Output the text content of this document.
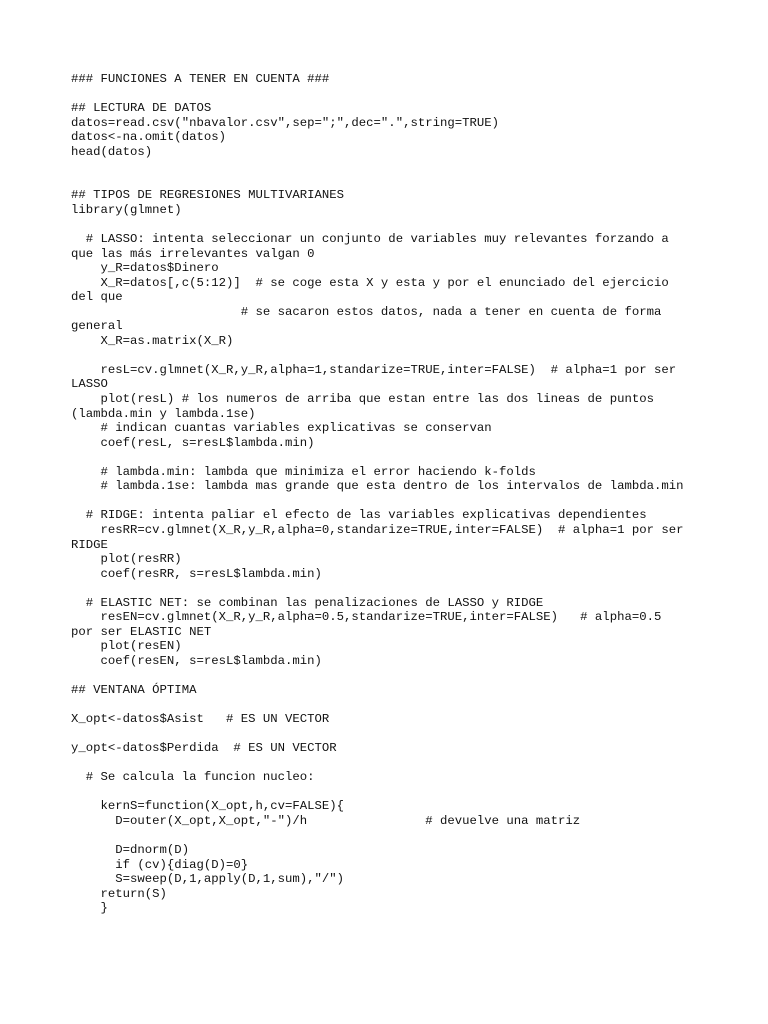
### FUNCIONES A TENER EN CUENTA ###
## LECTURA DE DATOS
datos=read.csv("nbavalor.csv",sep=";",dec=".",string=TRUE)
datos<-na.omit(datos)
head(datos)
## TIPOS DE REGRESIONES MULTIVARIANES
library(glmnet)
# LASSO: intenta seleccionar un conjunto de variables muy relevantes forzando a
que las más irrelevantes valgan 0
y_R=datos$Dinero
X_R=datos[,c(5:12)]  # se coge esta X y esta y por el enunciado del ejercicio
del que
# se sacaron estos datos, nada a tener en cuenta de forma
general
X_R=as.matrix(X_R)
resL=cv.glmnet(X_R,y_R,alpha=1,standarize=TRUE,inter=FALSE)  # alpha=1 por ser
LASSO
plot(resL) # los numeros de arriba que estan entre las dos lineas de puntos
(lambda.min y lambda.1se)
# indican cuantas variables explicativas se conservan
coef(resL, s=resL$lambda.min)
# lambda.min: lambda que minimiza el error haciendo k-folds
# lambda.1se: lambda mas grande que esta dentro de los intervalos de lambda.min
# RIDGE: intenta paliar el efecto de las variables explicativas dependientes
resRR=cv.glmnet(X_R,y_R,alpha=0,standarize=TRUE,inter=FALSE)  # alpha=1 por ser
RIDGE
plot(resRR)
coef(resRR, s=resL$lambda.min)
# ELASTIC NET: se combinan las penalizaciones de LASSO y RIDGE
resEN=cv.glmnet(X_R,y_R,alpha=0.5,standarize=TRUE,inter=FALSE)   # alpha=0.5
por ser ELASTIC NET
plot(resEN)
coef(resEN, s=resL$lambda.min)
## VENTANA ÓPTIMA
X_opt<-datos$Asist   # ES UN VECTOR
y_opt<-datos$Perdida  # ES UN VECTOR
# Se calcula la funcion nucleo:
kernS=function(X_opt,h,cv=FALSE){
D=outer(X_opt,X_opt,"-")/h                # devuelve una matriz
D=dnorm(D)
if (cv){diag(D)=0}
S=sweep(D,1,apply(D,1,sum),"/")
return(S)
}
